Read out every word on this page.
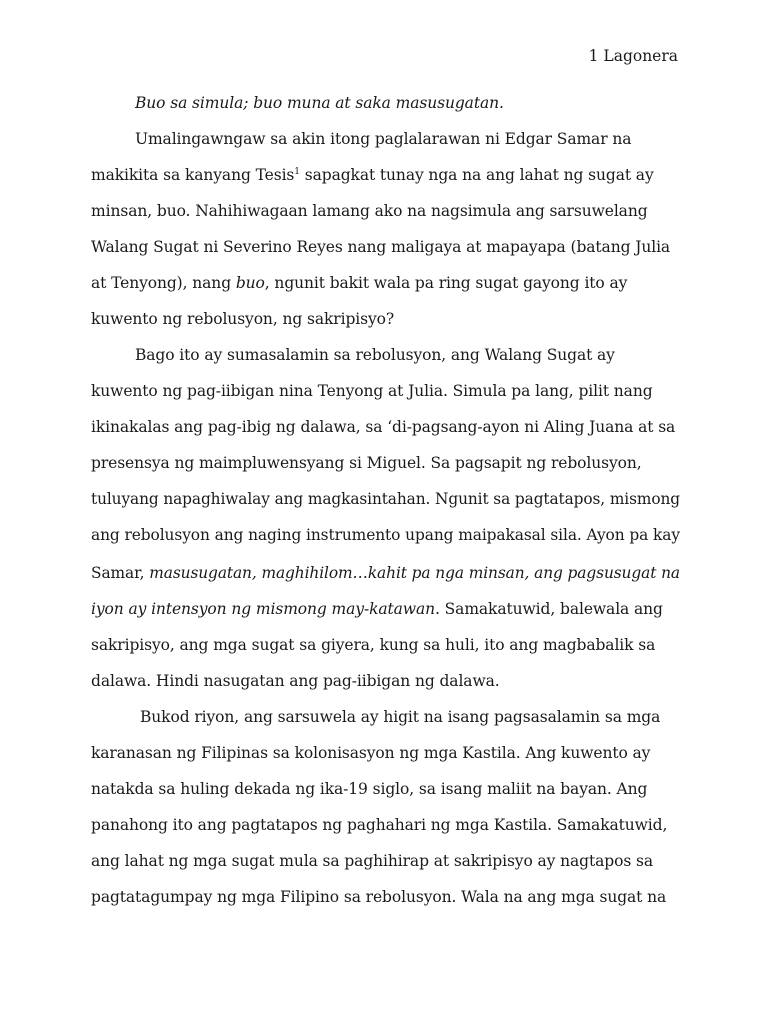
1 Lagonera
Buo sa simula; buo muna at saka masusugatan.
Umalingawngaw sa akin itong paglalarawan ni Edgar Samar na
makikita sa kanyang Tesis$^1$ sapagkat tunay nga na ang lahat ng sugat ay
minsan, buo. Nahihiwagaan lamang ako na nagsimula ang sarsuwelang
Walang Sugat ni Severino Reyes nang maligaya at mapayapa (batang Julia
at Tenyong), nang buo, ngunit bakit wala pa ring sugat gayong ito ay
kuwento ng rebolusyon, ng sakripisyo?
Bago ito ay sumasalamin sa rebolusyon, ang Walang Sugat ay
kuwento ng pag-iibigan nina Tenyong at Julia. Simula pa lang, pilit nang
ikinakalas ang pag-ibig ng dalawa, sa ‘di-pagsang-ayon ni Aling Juana at sa
presensya ng maimpluwensyang si Miguel. Sa pagsapit ng rebolusyon,
tuluyang napaghiwalay ang magkasintahan. Ngunit sa pagtatapos, mismong
ang rebolusyon ang naging instrumento upang maipakasal sila. Ayon pa kay
Samar, masusugatan, maghihilom…kahit pa nga minsan, ang pagsusugat na
iyon ay intensyon ng mismong may-katawan. Samakatuwid, balewala ang
sakripisyo, ang mga sugat sa giyera, kung sa huli, ito ang magbabalik sa
dalawa. Hindi nasugatan ang pag-iibigan ng dalawa.
Bukod riyon, ang sarsuwela ay higit na isang pagsasalamin sa mga
karanasan ng Filipinas sa kolonisasyon ng mga Kastila. Ang kuwento ay
natakda sa huling dekada ng ika-19 siglo, sa isang maliit na bayan. Ang
panahong ito ang pagtatapos ng paghahari ng mga Kastila. Samakatuwid,
ang lahat ng mga sugat mula sa paghihirap at sakripisyo ay nagtapos sa
pagtatagumpay ng mga Filipino sa rebolusyon. Wala na ang mga sugat na
